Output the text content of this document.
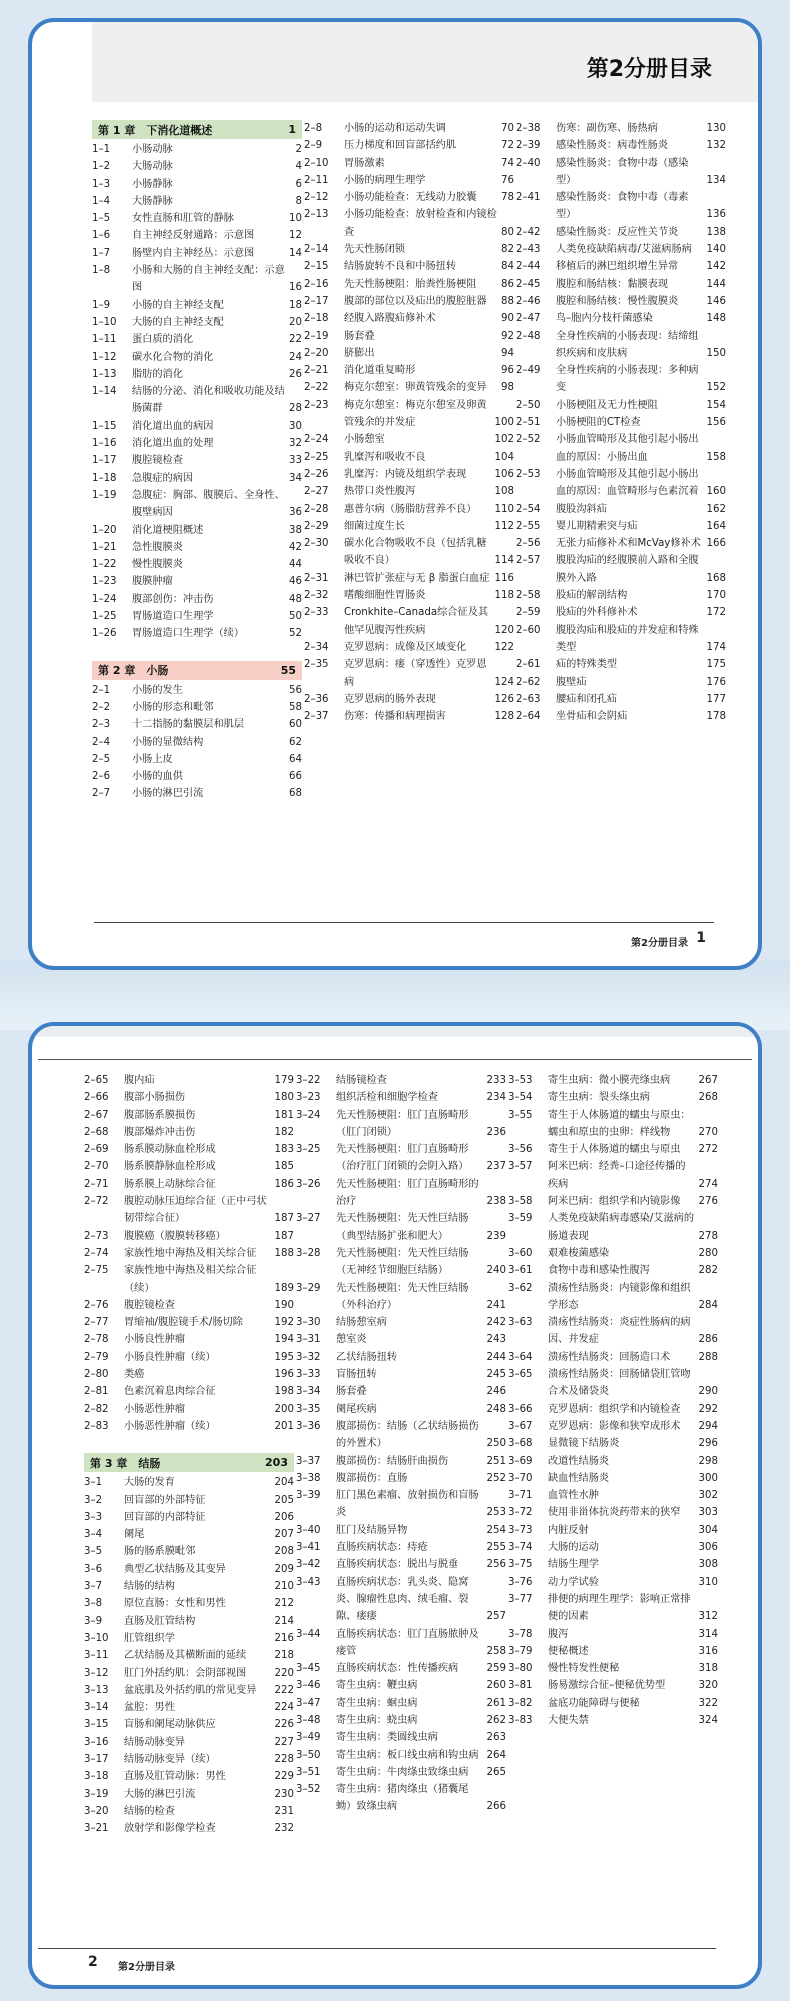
第2分册目录
第 1 章　下消化道概述	1
1–1	小肠动脉	2
1–2	大肠动脉	4
1–3	小肠静脉	6
1–4	大肠静脉	8
1–5	女性直肠和肛管的静脉	10
1–6	自主神经反射通路：示意图	12
1–7	肠壁内自主神经丛：示意图	14
1–8	小肠和大肠的自主神经支配：示意图	16
1–9	小肠的自主神经支配	18
1–10	大肠的自主神经支配	20
1–11	蛋白质的消化	22
1–12	碳水化合物的消化	24
1–13	脂肪的消化	26
1–14	结肠的分泌、消化和吸收功能及结肠菌群	28
1–15	消化道出血的病因	30
1–16	消化道出血的处理	32
1–17	腹腔镜检查	33
1–18	急腹症的病因	34
1–19	急腹症：胸部、腹膜后、全身性、腹壁病因	36
1–20	消化道梗阻概述	38
1–21	急性腹膜炎	42
1–22	慢性腹膜炎	44
1–23	腹膜肿瘤	46
1–24	腹部创伤：冲击伤	48
1–25	胃肠道造口生理学	50
1–26	胃肠道造口生理学（续）	52
第 2 章　小肠	55
2–1	小肠的发生	56
2–2	小肠的形态和毗邻	58
2–3	十二指肠的黏膜层和肌层	60
2–4	小肠的显微结构	62
2–5	小肠上皮	64
2–6	小肠的血供	66
2–7	小肠的淋巴引流	68
2–8	小肠的运动和运动失调	70
2–9	压力梯度和回盲部括约肌	72
2–10	胃肠激素	74
2–11	小肠的病理生理学	76
2–12	小肠功能检查：无线动力胶囊	78
2–13	小肠功能检查：放射检查和内镜检查	80
2–14	先天性肠闭锁	82
2–15	结肠旋转不良和中肠扭转	84
2–16	先天性肠梗阻：胎粪性肠梗阻	86
2–17	腹部的部位以及疝出的腹腔脏器	88
2–18	经腹入路腹疝修补术	90
2–19	肠套叠	92
2–20	脐膨出	94
2–21	消化道重复畸形	96
2–22	梅克尔憩室：卵黄管残余的变异	98
2–23	梅克尔憩室：梅克尔憩室及卵黄管残余的并发症	100
2–24	小肠憩室	102
2–25	乳糜泻和吸收不良	104
2–26	乳糜泻：内镜及组织学表现	106
2–27	热带口炎性腹泻	108
2–28	惠普尔病（肠脂肪营养不良）	110
2–29	细菌过度生长	112
2–30	碳水化合物吸收不良（包括乳糖吸收不良）	114
2–31	淋巴管扩张症与无 β 脂蛋白血症 116
2–32	嗜酸细胞性胃肠炎	118
2–33	Cronkhite–Canada综合征及其他罕见腹泻性疾病	120
2–34	克罗恩病：成像及区域变化	122
2–35	克罗恩病：瘘（穿透性）克罗恩病	124
2–36	克罗恩病的肠外表现	126
2–37	伤寒：传播和病理损害	128
2–38	伤寒：副伤寒、肠热病	130
2–39	感染性肠炎：病毒性肠炎	132
2–40	感染性肠炎：食物中毒（感染型）	134
2–41	感染性肠炎：食物中毒（毒素型）	136
2–42	感染性肠炎：反应性关节炎	138
2–43	人类免疫缺陷病毒/艾滋病肠病	140
2–44	移植后的淋巴组织增生异常	142
2–45	腹腔和肠结核：黏膜表现	144
2–46	腹腔和肠结核：慢性腹膜炎	146
2–47	鸟–胞内分枝杆菌感染	148
2–48	全身性疾病的小肠表现：结缔组织疾病和皮肤病	150
2–49	全身性疾病的小肠表现：多种病变	152
2–50	小肠梗阻及无力性梗阻	154
2–51	小肠梗阻的CT检查	156
2–52	小肠血管畸形及其他引起小肠出血的原因：小肠出血	158
2–53	小肠血管畸形及其他引起小肠出血的原因：血管畸形与色素沉着 160
2–54	腹股沟斜疝	162
2–55	婴儿期精索突与疝	164
2–56	无张力疝修补术和McVay修补术 166
2–57	腹股沟疝的经腹膜前入路和全腹膜外入路	168
2–58	股疝的解剖结构	170
2–59	股疝的外科修补术	172
2–60	腹股沟疝和股疝的并发症和特殊类型	174
2–61	疝的特殊类型	175
2–62	腹壁疝	176
2–63	腰疝和闭孔疝	177
2–64	坐骨疝和会阴疝	178
第2分册目录 1
2–65	腹内疝	179
2–66	腹部小肠损伤	180
2–67	腹部肠系膜损伤	181
2–68	腹部爆炸冲击伤	182
2–69	肠系膜动脉血栓形成	183
2–70	肠系膜静脉血栓形成	185
2–71	肠系膜上动脉综合征	186
2–72	腹腔动脉压迫综合征（正中弓状韧带综合征）	187
2–73	腹膜癌（腹膜转移癌）	187
2–74	家族性地中海热及相关综合征	188
2–75	家族性地中海热及相关综合征（续）	189
2–76	腹腔镜检查	190
2–77	胃缩袖/腹腔镜手术/肠切除	192
2–78	小肠良性肿瘤	194
2–79	小肠良性肿瘤（续）	195
2–80	类癌	196
2–81	色素沉着息肉综合征	198
2–82	小肠恶性肿瘤	200
2–83	小肠恶性肿瘤（续）	201
第 3 章　结肠	203
3–1	大肠的发育	204
3–2	回盲部的外部特征	205
3–3	回盲部的内部特征	206
3–4	阑尾	207
3–5	肠的肠系膜毗邻	208
3–6	典型乙状结肠及其变异	209
3–7	结肠的结构	210
3–8	原位直肠：女性和男性	212
3–9	直肠及肛管结构	214
3–10	肛管组织学	216
3–11	乙状结肠及其横断面的延续	218
3–12	肛门外括约肌：会阴部视图	220
3–13	盆底肌及外括约肌的常见变异	222
3–14	盆腔：男性	224
3–15	盲肠和阑尾动脉供应	226
3–16	结肠动脉变异	227
3–17	结肠动脉变异（续）	228
3–18	直肠及肛管动脉：男性	229
3–19	大肠的淋巴引流	230
3–20	结肠的检查	231
3–21	放射学和影像学检查	232
3–22	结肠镜检查	233
3–23	组织活检和细胞学检查	234
3–24	先天性肠梗阻：肛门直肠畸形（肛门闭锁）	236
3–25	先天性肠梗阻：肛门直肠畸形（治疗肛门闭锁的会阴入路）	237
3–26	先天性肠梗阻：肛门直肠畸形的治疗	238
3–27	先天性肠梗阻：先天性巨结肠（典型结肠扩张和肥大）	239
3–28	先天性肠梗阻：先天性巨结肠（无神经节细胞巨结肠）	240
3–29	先天性肠梗阻：先天性巨结肠（外科治疗）	241
3–30	结肠憩室病	242
3–31	憩室炎	243
3–32	乙状结肠扭转	244
3–33	盲肠扭转	245
3–34	肠套叠	246
3–35	阑尾疾病	248
3–36	腹部损伤：结肠（乙状结肠损伤的外置术）	250
3–37	腹部损伤：结肠肝曲损伤	251
3–38	腹部损伤：直肠	252
3–39	肛门黑色素瘤、放射损伤和盲肠炎	253
3–40	肛门及结肠异物	254
3–41	直肠疾病状态：痔疮	255
3–42	直肠疾病状态：脱出与脱垂	256
3–43	直肠疾病状态：乳头炎、隐窝炎、腺瘤性息肉、绒毛瘤、裂隙、瘘痿	257
3–44	直肠疾病状态：肛门直肠脓肿及瘘管	258
3–45	直肠疾病状态：性传播疾病	259
3–46	寄生虫病：鞭虫病	260
3–47	寄生虫病：蛔虫病	261
3–48	寄生虫病：蛲虫病	262
3–49	寄生虫病：类圆线虫病	263
3–50	寄生虫病：板口线虫病和钩虫病 264
3–51	寄生虫病：牛肉绦虫致绦虫病	265
3–52	寄生虫病：猪肉绦虫（猪囊尾蚴）致绦虫病	266
3–53	寄生虫病：微小膜壳绦虫病	267
3–54	寄生虫病：裂头绦虫病	268
3–55	寄生于人体肠道的蠕虫与原虫：蠕虫和原虫的虫卵：样线物	270
3–56	寄生于人体肠道的蠕虫与原虫	272
3–57	阿米巴病：经粪–口途径传播的疾病	274
3–58	阿米巴病：组织学和内镜影像	276
3–59	人类免疫缺陷病毒感染/艾滋病的肠道表现	278
3–60	艰难梭菌感染	280
3–61	食物中毒和感染性腹泻	282
3–62	溃疡性结肠炎：内镜影像和组织学形态	284
3–63	溃疡性结肠炎：炎症性肠病的病因、并发症	286
3–64	溃疡性结肠炎：回肠造口术	288
3–65	溃疡性结肠炎：回肠储袋肛管吻合术及储袋炎	290
3–66	克罗恩病：组织学和内镜检查	292
3–67	克罗恩病：影像和狭窄成形术	294
3–68	显微镜下结肠炎	296
3–69	改道性结肠炎	298
3–70	缺血性结肠炎	300
3–71	血管性水肿	302
3–72	使用非甾体抗炎药带来的狭窄	303
3–73	内脏反射	304
3–74	大肠的运动	306
3–75	结肠生理学	308
3–76	动力学试验	310
3–77	排便的病理生理学：影响正常排便的因素	312
3–78	腹泻	314
3–79	便秘概述	316
3–80	慢性特发性便秘	318
3–81	肠易激综合征–便秘优势型	320
3–82	盆底功能障碍与便秘	322
3–83	大便失禁	324
2 第2分册目录
